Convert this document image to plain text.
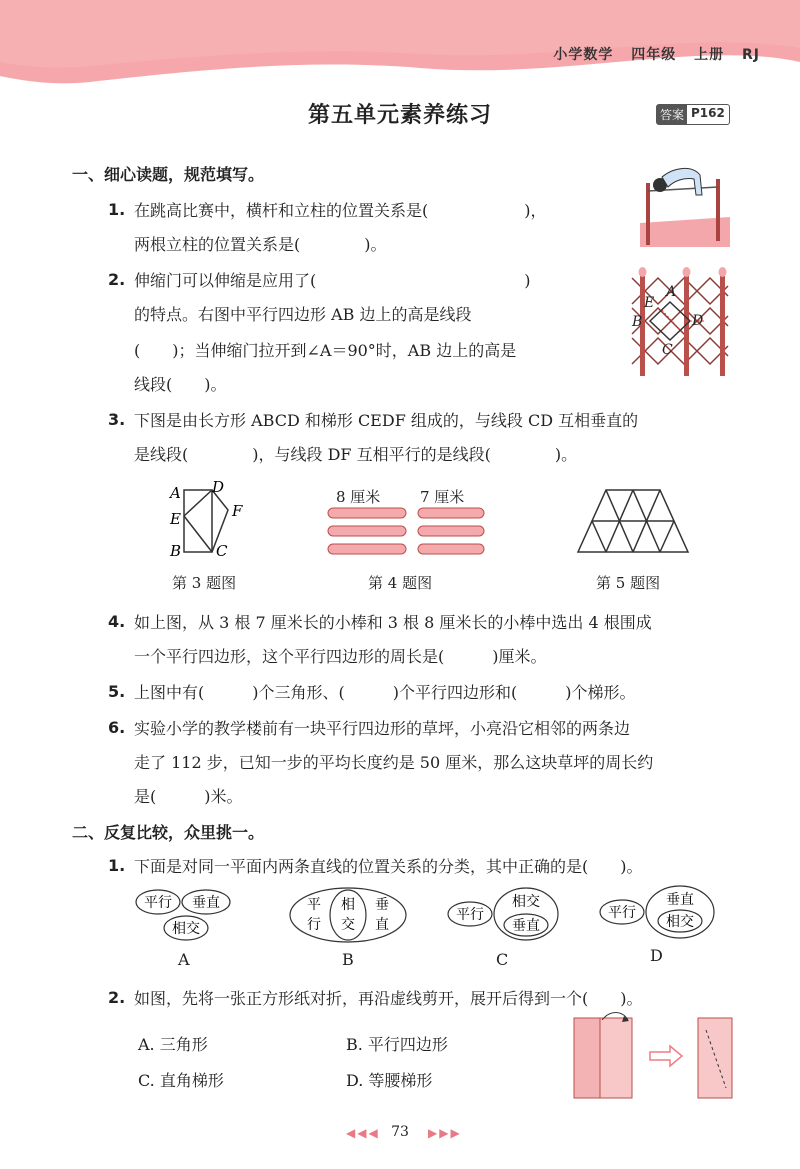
小学数学 四年级 上册 RJ
第五单元素养练习	答案 P162
一、细心读题，规范填写。
1. 在跳高比赛中，横杆和立柱的位置关系是(　　　　　　)，
两根立柱的位置关系是(　　　　)。
2. 伸缩门可以伸缩是应用了(　　　　　　　　　　　　　)
的特点。右图中平行四边形 AB 边上的高是线段
(　　)；当伸缩门拉开到∠A＝90°时，AB 边上的高是
线段(　　)。
A
E
B	D
C
3. 下图是由长方形 ABCD 和梯形 CEDF 组成的，与线段 CD 互相垂直的
是线段(　　　　)，与线段 DF 互相平行的是线段(　　　　)。
A D
E	F
B C
第 3 题图
8 厘米	7 厘米
第 4 题图	第 5 题图
4. 如上图，从 3 根 7 厘米长的小棒和 3 根 8 厘米长的小棒中选出 4 根围成
一个平行四边形，这个平行四边形的周长是(　　　)厘米。
5. 上图中有(　　　)个三角形、(　　　)个平行四边形和(　　　)个梯形。
6. 实验小学的教学楼前有一块平行四边形的草坪，小亮沿它相邻的两条边
走了 112 步，已知一步的平均长度约是 50 厘米，那么这块草坪的周长约
是(　　　)米。
二、反复比较，众里挑一。
1. 下面是对同一平面内两条直线的位置关系的分类，其中正确的是(　　)。
平行 垂直
相交
A
平
行
相
交
垂
直
B
平行
相交
垂直
C
平行
垂直
相交
D
2. 如图，先将一张正方形纸对折，再沿虚线剪开，展开后得到一个(　　)。
A. 三角形	B. 平行四边形
C. 直角梯形	D. 等腰梯形
◀◀◀ 73	▶▶▶
